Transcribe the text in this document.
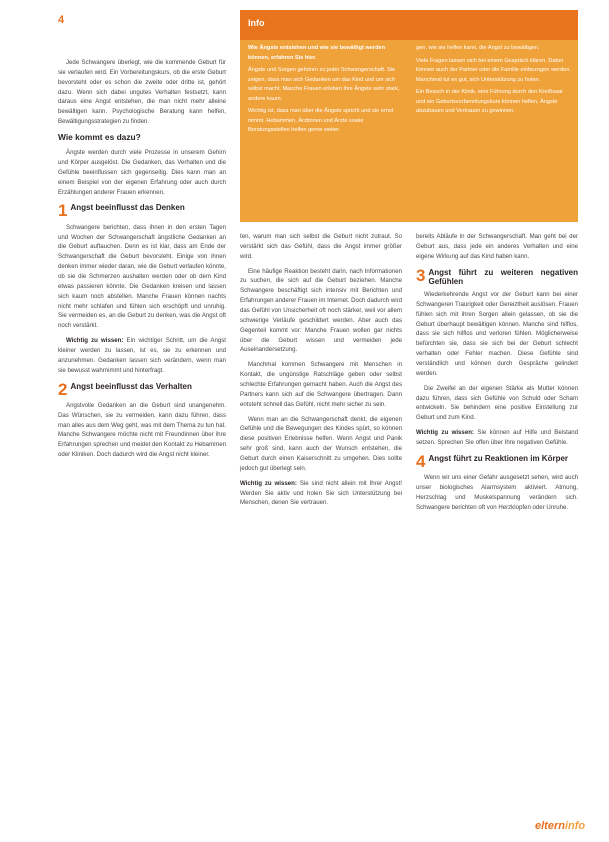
4	Info

Wie Ängste entstehen und wie sie bewältigt werden können, erfahren Sie hier.

Ängste und Sorgen gehören zu jeder Schwangerschaft. Sie zeigen, dass man sich Gedanken um das Kind und um sich selbst macht. Manche Frauen erleben ihre Ängste sehr stark, andere kaum.

Wichtig ist, dass man über die Ängste spricht und sie ernst nimmt. Hebammen, Ärztinnen und Ärzte sowie Beratungsstellen helfen gerne weiter.

gen, wie sie helfen kann, die Angst zu bewältigen.

Viele Fragen lassen sich bei einem Gespräch klären. Dabei können auch der Partner oder die Familie einbezogen werden. Manchmal tut es gut, sich Unterstützung zu holen.

Ein Besuch in der Klinik, eine Führung durch den Kreißsaal und ein Geburtsvorbereitungskurs können helfen, Ängste abzubauen und Vertrauen zu gewinnen.

Jede Schwangere überlegt, wie die kommende Geburt für sie verlaufen wird. Ein Vorbereitungskurs, ob die erste Geburt bevorsteht oder es schon die zweite oder dritte ist, gehört dazu. Wenn sich dabei ungutes Verhalten festsetzt, kann daraus eine Angst entstehen, die man nicht mehr alleine bewältigen kann. Psychologische Beratung kann helfen, Bewältigungsstrategien zu finden.

Wie kommt es dazu?

Ängste werden durch viele Prozesse in unserem Gehirn und Körper ausgelöst. Die Gedanken, das Verhalten und die Gefühle beeinflussen sich gegenseitig. Dies kann man an einem Beispiel von der eigenen Erfahrung oder auch durch Erzählungen anderer Frauen erkennen.

1 Angst beeinflusst das Denken

Schwangere berichten, dass ihnen in den ersten Tagen und Wochen der Schwangerschaft ängstliche Gedanken an die Geburt auftauchen. Denn es ist klar, dass am Ende der Schwangerschaft die Geburt bevorsteht. Einige von ihnen denken immer wieder daran, wie die Geburt verlaufen könnte, ob sie die Schmerzen aushalten werden oder ob dem Kind etwas passieren könnte. Die Gedanken kreisen und lassen sich kaum noch abstellen. Manche Frauen können nachts nicht mehr schlafen und fühlen sich erschöpft und unruhig. Sie vermeiden es, an die Geburt zu denken, was die Angst oft noch verstärkt.

Wichtig zu wissen: Ein wichtiger Schritt, um die Angst kleiner werden zu lassen, ist es, sie zu erkennen und anzunehmen. Gedanken lassen sich verändern, wenn man sie bewusst wahrnimmt und hinterfragt.

2 Angst beeinflusst das Verhalten

Angstvolle Gedanken an die Geburt sind unangenehm. Das Wünschen, sie zu vermeiden, kann dazu führen, dass man alles aus dem Weg geht, was mit dem Thema zu tun hat. Manche Schwangere möchte nicht mit Freundinnen über ihre Erfahrungen sprechen und meidet den Kontakt zu Hebammen oder Kliniken. Doch dadurch wird die Angst nicht kleiner.

ten, warum man sich selbst die Geburt nicht zutraut. So verstärkt sich das Gefühl, dass die Angst immer größer wird.

Eine häufige Reaktion besteht darin, nach Informationen zu suchen, die sich auf die Geburt beziehen. Manche Schwangere beschäftigt sich intensiv mit Berichten und Erfahrungen anderer Frauen im Internet. Doch dadurch wird das Gefühl von Unsicherheit oft noch stärker, weil vor allem schwierige Verläufe geschildert werden. Aber auch das Gegenteil kommt vor: Manche Frauen wollen gar nichts über die Geburt wissen und vermeiden jede Auseinandersetzung.

Manchmal kommen Schwangere mit Menschen in Kontakt, die ungünstige Ratschläge geben oder selbst schlechte Erfahrungen gemacht haben. Auch die Angst des Partners kann sich auf die Schwangere übertragen. Dann entsteht schnell das Gefühl, nicht mehr sicher zu sein.

Wenn man an die Schwangerschaft denkt, die eigenen Gefühle und die Bewegungen des Kindes spürt, so können diese positiven Erlebnisse helfen. Wenn Angst und Panik sehr groß sind, kann auch der Wunsch entstehen, die Geburt durch einen Kaiserschnitt zu umgehen. Dies sollte jedoch gut überlegt sein.

Wichtig zu wissen: Sie sind nicht allein mit Ihrer Angst! Werden Sie aktiv und holen Sie sich Unterstützung bei Menschen, denen Sie vertrauen.

bereits Abläufe in der Schwangerschaft. Man geht bei der Geburt aus, dass jede ein anderes Verhalten und eine eigene Wirkung auf das Kind haben kann.

3 Angst führt zu weiteren negativen Gefühlen

Wiederkehrende Angst vor der Geburt kann bei einer Schwangeren Traurigkeit oder Gereiztheit auslösen. Frauen fühlen sich mit ihren Sorgen allein gelassen, ob sie die Geburt überhaupt bewältigen können. Manche sind hilflos, dass sie sich hilflos und verloren fühlen. Möglicherweise befürchten sie, dass sie sich bei der Geburt schlecht verhalten oder Fehler machen. Diese Gefühle sind verständlich und können durch Gespräche gelindert werden.

Die Zweifel an der eigenen Stärke als Mutter können dazu führen, dass sich Gefühle von Schuld oder Scham entwickeln. Sie behindern eine positive Einstellung zur Geburt und zum Kind.

Wichtig zu wissen: Sie können auf Hilfe und Beistand setzen. Sprechen Sie offen über Ihre negativen Gefühle.

4 Angst führt zu Reaktionen im Körper

Wenn wir uns einer Gefahr ausgesetzt sehen, wird auch unser biologisches Alarmsystem aktiviert. Atmung, Herzschlag und Muskelspannung verändern sich. Schwangere berichten oft von Herzklopfen oder Unruhe.

elterninfo
